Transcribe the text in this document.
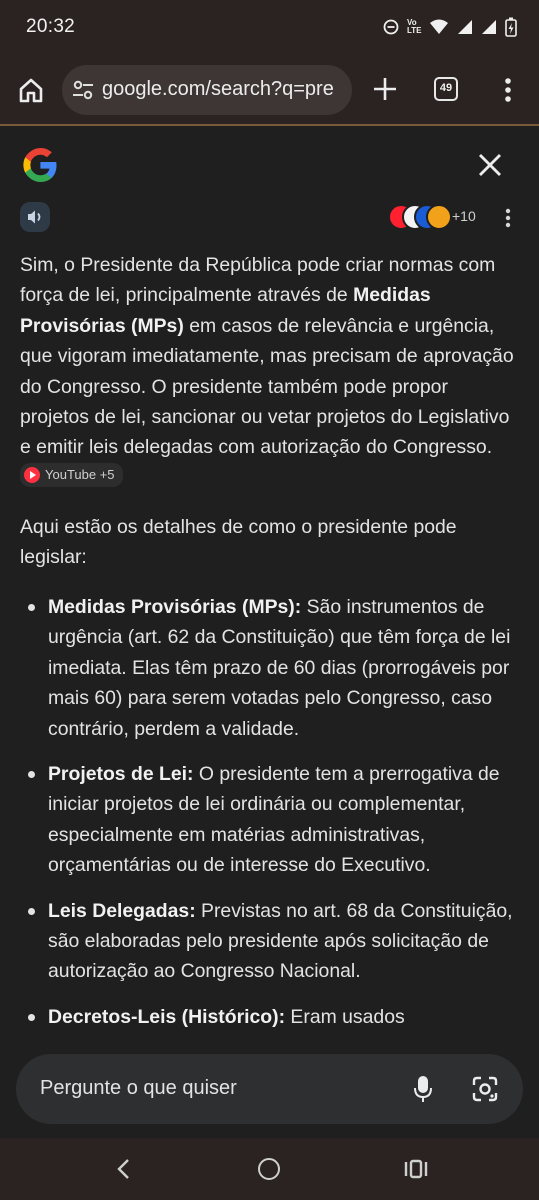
20:32	Vo LTE
google.com/search?q=pre	49
+10

Sim, o Presidente da República pode criar normas com força de lei, principalmente através de Medidas Provisórias (MPs) em casos de relevância e urgência, que vigoram imediatamente, mas precisam de aprovação do Congresso. O presidente também pode propor projetos de lei, sancionar ou vetar projetos do Legislativo e emitir leis delegadas com autorização do Congresso.
YouTube +5

Aqui estão os detalhes de como o presidente pode legislar:

Medidas Provisórias (MPs): São instrumentos de urgência (art. 62 da Constituição) que têm força de lei imediata. Elas têm prazo de 60 dias (prorrogáveis por mais 60) para serem votadas pelo Congresso, caso contrário, perdem a validade.
Projetos de Lei: O presidente tem a prerrogativa de iniciar projetos de lei ordinária ou complementar, especialmente em matérias administrativas, orçamentárias ou de interesse do Executivo.
Leis Delegadas: Previstas no art. 68 da Constituição, são elaboradas pelo presidente após solicitação de autorização ao Congresso Nacional.
Decretos-Leis (Histórico): Eram usados
Pergunte o que quiser
